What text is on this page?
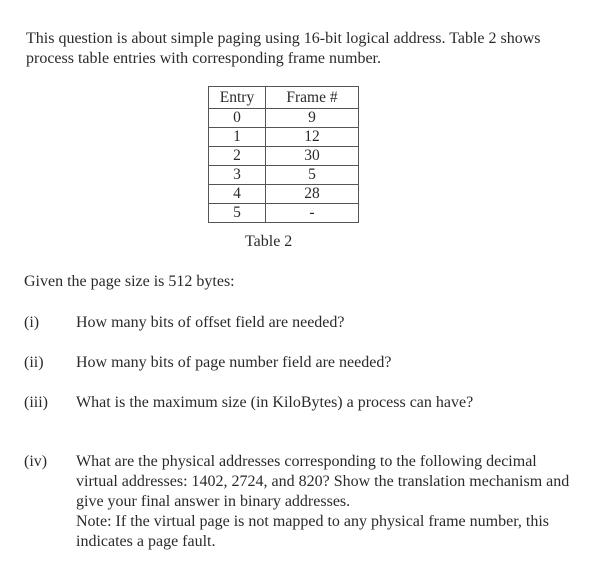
This question is about simple paging using 16-bit logical address. Table 2 shows process table entries with corresponding frame number.
Entry	Frame #
0	9
1	12
2	30
3	5
4	28
5	-
Table 2
Given the page size is 512 bytes:
(i) How many bits of offset field are needed?
(ii) How many bits of page number field are needed?
(iii) What is the maximum size (in KiloBytes) a process can have?
(iv) What are the physical addresses corresponding to the following decimal virtual addresses: 1402, 2724, and 820? Show the translation mechanism and give your final answer in binary addresses.
Note: If the virtual page is not mapped to any physical frame number, this indicates a page fault.
